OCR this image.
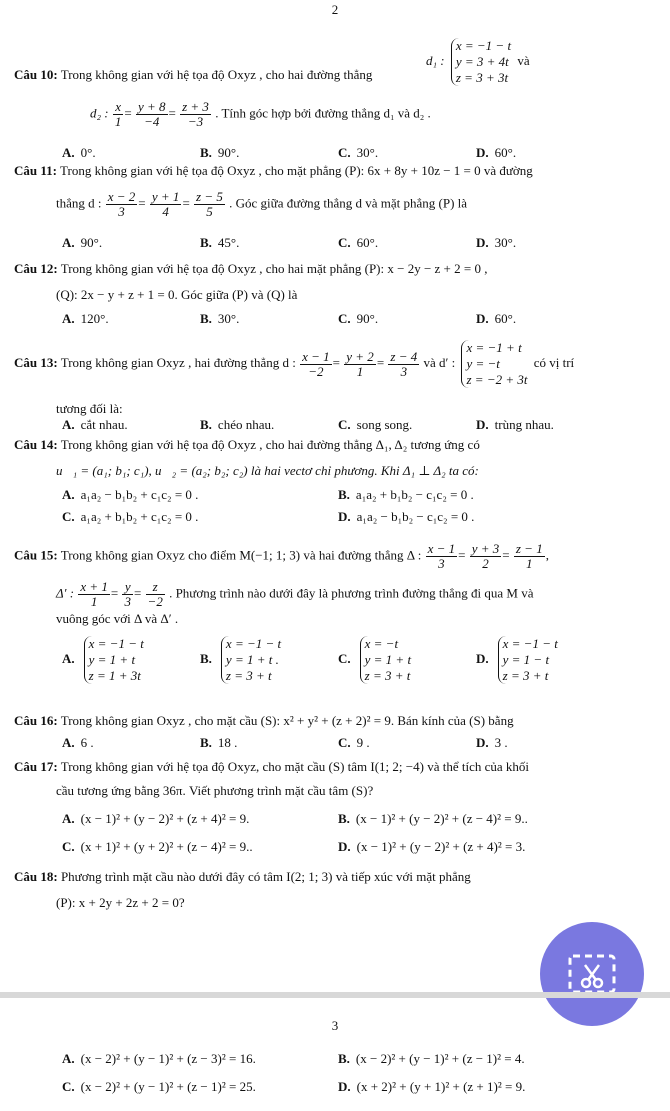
2
Câu 10: Trong không gian với hệ tọa độ Oxyz , cho hai đường thẳng
d₁ : x = −1 − t
y = 3 + 4t
z = 3 + 3t và
d₂ : $\frac{x}{1} = \frac{y + 8}{-4} = \frac{z + 3}{-3}$ . Tính góc hợp bởi đường thẳng d₁ và d₂ .
A. 0°.	B. 90°.	C. 30°.	D. 60°.
Câu 11: Trong không gian với hệ tọa độ Oxyz , cho mặt phẳng (P): 6x + 8y + 10z − 1 = 0 và đường
thẳng d : $\frac{x - 2}{3} = \frac{y + 1}{4} = \frac{z - 5}{5}$ . Góc giữa đường thẳng d và mặt phẳng (P) là
A. 90°.	B. 45°.	C. 60°.	D. 30°.
Câu 12: Trong không gian với hệ tọa độ Oxyz , cho hai mặt phẳng (P): x − 2y − z + 2 = 0 ,
(Q): 2x − y + z + 1 = 0. Góc giữa (P) và (Q) là
A. 120°.	B. 30°.	C. 90°.	D. 60°.
Câu 13: Trong không gian Oxyz , hai đường thẳng d : $\frac{x - 1}{-2} = \frac{y + 2}{1} = \frac{z - 4}{3}$ và d′ : x = −1 + t
y = −t
z = −2 + 3t có vị trí
tương đối là:
A. cắt nhau.	B. chéo nhau.	C. song song.	D. trùng nhau.
Câu 14: Trong không gian với hệ tọa độ Oxyz , cho hai đường thẳng Δ₁, Δ₂ tương ứng có
u⃗₁ = (a₁; b₁; c₁), u⃗₂ = (a₂; b₂; c₂) là hai vectơ chỉ phương. Khi Δ₁ ⊥ Δ₂ ta có:
A. a₁a₂ − b₁b₂ + c₁c₂ = 0 .	B. a₁a₂ + b₁b₂ − c₁c₂ = 0 .
C. a₁a₂ + b₁b₂ + c₁c₂ = 0 .	D. a₁a₂ − b₁b₂ − c₁c₂ = 0 .
Câu 15: Trong không gian Oxyz cho điểm M(−1; 1; 3) và hai đường thẳng Δ : $\frac{x - 1}{3} = \frac{y + 3}{2} = \frac{z - 1}{1}$ ,
Δ′ : $\frac{x + 1}{1} = \frac{y}{3} = \frac{z}{-2}$ . Phương trình nào dưới đây là phương trình đường thẳng đi qua M và
vuông góc với Δ và Δ′ .
A.x = −1 − t
y = 1 + t
z = 1 + 3t
B.x = −1 − t
y = 1 + t .
z = 3 + t
C.x = −t
y = 1 + t
z = 3 + t
D.x = −1 − t
y = 1 − t
z = 3 + t
Câu 16: Trong không gian Oxyz , cho mặt cầu (S): x² + y² + (z + 2)² = 9. Bán kính của (S) bằng
A. 6 .	B. 18 .	C. 9 .	D. 3 .
Câu 17: Trong không gian với hệ tọa độ Oxyz, cho mặt cầu (S) tâm I(1; 2; −4) và thể tích của khối
cầu tương ứng bằng 36π. Viết phương trình mặt cầu tâm (S)?
A. (x − 1)² + (y − 2)² + (z + 4)² = 9.	B. (x − 1)² + (y − 2)² + (z − 4)² = 9..
C. (x + 1)² + (y + 2)² + (z − 4)² = 9..	D. (x − 1)² + (y − 2)² + (z + 4)² = 3.
Câu 18: Phương trình mặt cầu nào dưới đây có tâm I(2; 1; 3) và tiếp xúc với mặt phẳng
(P): x + 2y + 2z + 2 = 0?
3
A. (x − 2)² + (y − 1)² + (z − 3)² = 16.	B. (x − 2)² + (y − 1)² + (z − 1)² = 4.
C. (x − 2)² + (y − 1)² + (z − 1)² = 25.	D. (x + 2)² + (y + 1)² + (z + 1)² = 9.
